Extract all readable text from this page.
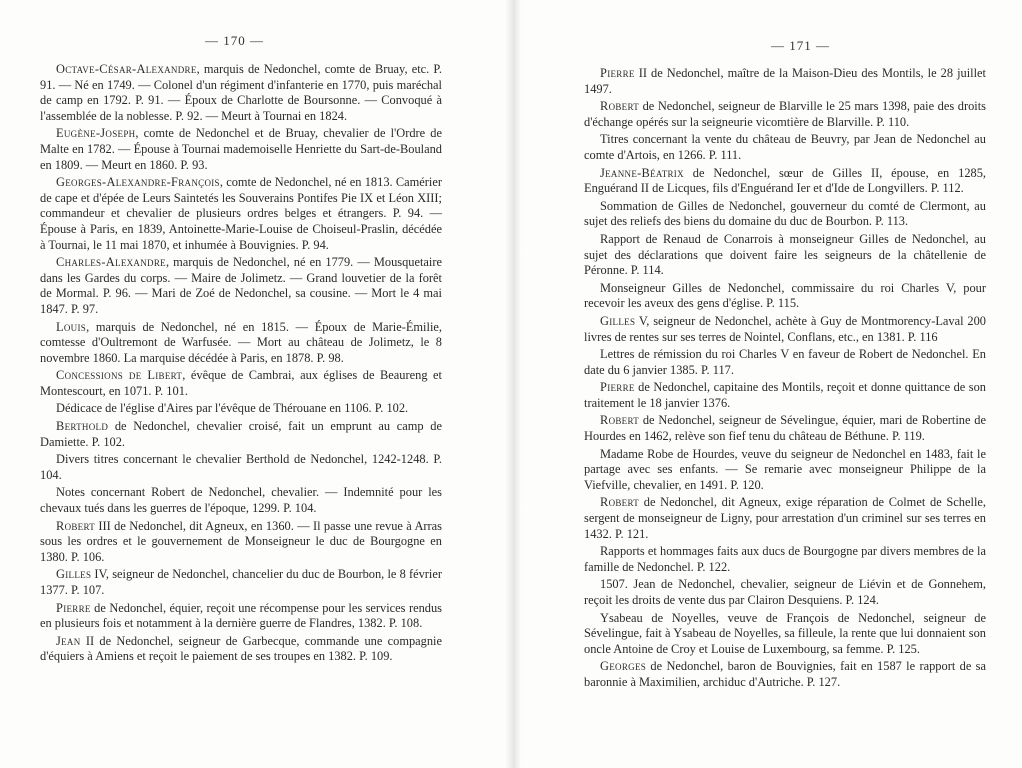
— 170 —

Octave-César-Alexandre, marquis de Nedonchel, comte de Bruay, etc. P. 91. — Né en 1749. — Colonel d'un régiment d'infanterie en 1770, puis maréchal de camp en 1792. P. 91. — Époux de Charlotte de Boursonne. — Convoqué à l'assemblée de la noblesse. P. 92. — Meurt à Tournai en 1824.

Eugène-Joseph, comte de Nedonchel et de Bruay, chevalier de l'Ordre de Malte en 1782. — Épouse à Tournai mademoiselle Henriette du Sart-de-Bouland en 1809. — Meurt en 1860. P. 93.

Georges-Alexandre-François, comte de Nedonchel, né en 1813. Camérier de cape et d'épée de Leurs Saintetés les Souverains Pontifes Pie IX et Léon XIII; commandeur et chevalier de plusieurs ordres belges et étrangers. P. 94. — Épouse à Paris, en 1839, Antoinette-Marie-Louise de Choiseul-Praslin, décédée à Tournai, le 11 mai 1870, et inhumée à Bouvignies. P. 94.

Charles-Alexandre, marquis de Nedonchel, né en 1779. — Mousquetaire dans les Gardes du corps. — Maire de Jolimetz. — Grand louvetier de la forêt de Mormal. P. 96. — Mari de Zoé de Nedonchel, sa cousine. — Mort le 4 mai 1847. P. 97.

Louis, marquis de Nedonchel, né en 1815. — Époux de Marie-Émilie, comtesse d'Oultremont de Warfusée. — Mort au château de Jolimetz, le 8 novembre 1860. La marquise décédée à Paris, en 1878. P. 98.

Concessions de Libert, évêque de Cambrai, aux églises de Beaureng et Montescourt, en 1071. P. 101.

Dédicace de l'église d'Aires par l'évêque de Thérouane en 1106. P. 102.

Berthold de Nedonchel, chevalier croisé, fait un emprunt au camp de Damiette. P. 102.

Divers titres concernant le chevalier Berthold de Nedonchel, 1242-1248. P. 104.

Notes concernant Robert de Nedonchel, chevalier. — Indemnité pour les chevaux tués dans les guerres de l'époque, 1299. P. 104.

Robert III de Nedonchel, dit Agneux, en 1360. — Il passe une revue à Arras sous les ordres et le gouvernement de Monseigneur le duc de Bourgogne en 1380. P. 106.

Gilles IV, seigneur de Nedonchel, chancelier du duc de Bourbon, le 8 février 1377. P. 107.

Pierre de Nedonchel, équier, reçoit une récompense pour les services rendus en plusieurs fois et notamment à la dernière guerre de Flandres, 1382. P. 108.

Jean II de Nedonchel, seigneur de Garbecque, commande une compagnie d'équiers à Amiens et reçoit le paiement de ses troupes en 1382. P. 109.

— 171 —

Pierre II de Nedonchel, maître de la Maison-Dieu des Montils, le 28 juillet 1497.

Robert de Nedonchel, seigneur de Blarville le 25 mars 1398, paie des droits d'échange opérés sur la seigneurie vicomtière de Blarville. P. 110.

Titres concernant la vente du château de Beuvry, par Jean de Nedonchel au comte d'Artois, en 1266. P. 111.

Jeanne-Béatrix de Nedonchel, sœur de Gilles II, épouse, en 1285, Enguérand II de Licques, fils d'Enguérand Ier et d'Ide de Longvillers. P. 112.

Sommation de Gilles de Nedonchel, gouverneur du comté de Clermont, au sujet des reliefs des biens du domaine du duc de Bourbon. P. 113.

Rapport de Renaud de Conarrois à monseigneur Gilles de Nedonchel, au sujet des déclarations que doivent faire les seigneurs de la châtellenie de Péronne. P. 114.

Monseigneur Gilles de Nedonchel, commissaire du roi Charles V, pour recevoir les aveux des gens d'église. P. 115.

Gilles V, seigneur de Nedonchel, achète à Guy de Montmorency-Laval 200 livres de rentes sur ses terres de Nointel, Conflans, etc., en 1381. P. 116

Lettres de rémission du roi Charles V en faveur de Robert de Nedonchel. En date du 6 janvier 1385. P. 117.

Pierre de Nedonchel, capitaine des Montils, reçoit et donne quittance de son traitement le 18 janvier 1376.

Robert de Nedonchel, seigneur de Sévelingue, équier, mari de Robertine de Hourdes en 1462, relève son fief tenu du château de Béthune. P. 119.

Madame Robe de Hourdes, veuve du seigneur de Nedonchel en 1483, fait le partage avec ses enfants. — Se remarie avec monseigneur Philippe de la Viefville, chevalier, en 1491. P. 120.

Robert de Nedonchel, dit Agneux, exige réparation de Colmet de Schelle, sergent de monseigneur de Ligny, pour arrestation d'un criminel sur ses terres en 1432. P. 121.

Rapports et hommages faits aux ducs de Bourgogne par divers membres de la famille de Nedonchel. P. 122.

1507. Jean de Nedonchel, chevalier, seigneur de Liévin et de Gonnehem, reçoit les droits de vente dus par Clairon Desquiens. P. 124.

Ysabeau de Noyelles, veuve de François de Nedonchel, seigneur de Sévelingue, fait à Ysabeau de Noyelles, sa filleule, la rente que lui donnaient son oncle Antoine de Croy et Louise de Luxembourg, sa femme. P. 125.

Georges de Nedonchel, baron de Bouvignies, fait en 1587 le rapport de sa baronnie à Maximilien, archiduc d'Autriche. P. 127.
